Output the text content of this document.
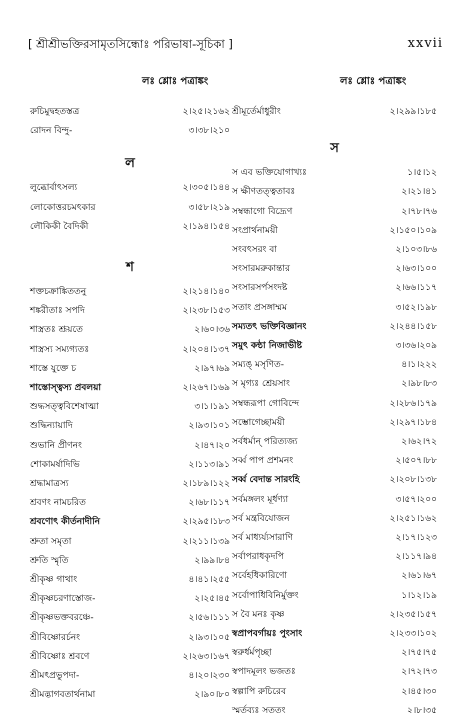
[ শ্রীশ্রীভক্তিরসামৃতসিন্ধোঃ পরিভাষা-সূচিকা ]	xxvii
লঃ শ্লোঃ পত্রাঙ্কং	লঃ শ্লোঃ পত্রাঙ্কং
রুচিমুদ্বহতস্তত্র	২।২৫।২১৬২
রোদন বিন্দু-	৩।৩৮।২১০
ল
লুব্ধোর্বাৎসল্য	২।৩০৫।১৪৪
লোকোত্তরচমৎকার	৩।৫৮।২১৯
লৌকিকী বৈদিকী	২।১৯৪।১৫৪
শ
শক্তচক্রাঙ্কিততনু	২।২১৪।১৪০
শঙ্করীতাঃ সপদি	২।২৩৮।১৫৩
শাস্ত্রতঃ শ্রূয়তে	২।৬০।৩৬
শাস্ত্রস্য সম্যগ্যতঃ	২।২০৪।১৩৭
শাস্তে যুক্তে চ	২।৯৭।৬৯
শাস্তোস্ত্বস্য প্রবলয়া	২।২৬৭।১৬৯
শুদ্ধসত্ত্ববিশেষাত্মা	৩।১।১৯১
শুদ্ধিন্যায়াদি	২।৯৩।১০১
শুভানি প্রীণনং	২।৪৭।২০
শোকামর্ষাদিভি	২।১১৩।৯১
শ্রদ্ধামাত্রস্য	২।১৮৯।১২২
শ্রবণং নামচরিত	২।৬৮।১১৭
শ্রবণোৎ কীর্তনাদীনি	২।২৯৫।১৮৩
শ্রুতা সমৃতা	২।২১১।১৩৯
শ্রুতি স্মৃতি	২।৯৯।৮৪
শ্রীকৃষ্ণ গাথাং	৪।৪১।২৫৫
শ্রীকৃষ্ণচরণাস্তোজ-	২।২৫।৪৫
শ্রীকৃষ্ণভক্তবরঞ্চে-	২।৫৬।১১১
শ্রীবিষ্ণোরর্চনং	২।৯৩।১০৫
শ্রীবিষ্ণোঃ শ্রবণে	২।২৬৩।১৬৭
শ্রীমৎপ্রভুপদা-	৪।২০।২৩০
শ্রীমদ্ভাগবতার্থনামা	২।৯০।৮০
শ্রীমূর্তের্মাধুরীং	২।২৯৯।১৮৫
স
স এব ভক্তিযোগাখ্যঃ	১।৫।১২
স ক্ষীণতত্ত্বতাবঃ	২।২১।৪১
সম্বন্ধাগো বিদ্রূেণ	২।৭৮।৭৬
সংপ্রার্থনাময়ী	২।১৫০।১০৯
সংবৎসরং বা	২।১০৩।৮৬
সংসারমরুকান্তার	২।৬৩।১০০
সংসারসর্পসংদষ্ট	২।৬৬।১১৭
সতাং প্রসঙ্গাম্মম	৩।৫২।১৯৮
সম্যতৎ ভক্তিবিজ্ঞানং	২।২৪৪।১৫৮
সমুৎ কন্ঠা নিজাভীষ্ট	৩।৩৬।২০৯
সম্যঙ্ মসৃণিত-	৪।১।২২২
স মৃগ্যঃ শ্রেয়সাং	২।৯৮।৮৩
সম্বন্ধরূপা গোবিন্দে	২।২৮৬।১৭৯
সম্ভোগেচ্ছাময়ী	২।২৯৭।১৮৪
সর্বধর্মান্ পরিত্যজ্য	২।৬২।৭২
সর্ব্ব পাপ প্রশমনং	২।৫০৭।৮৮
সর্ব্ব বেদান্ত সারংহি	২।২০৮।১৩৮
সর্বমঙ্গলং মূর্ধণ্যা	৩।৫৭।২০০
সর্ব মন্ত্রবিযোজন	২।২৫১।১৬২
সর্ব মাধ্যর্য্যসারাণি	২।১৭।১২৩
সর্বাপরাধকৃদপি	২।১১৭।৯৪
সর্বেহধিকারিণো	২।৬১।৬৭
সর্বোপাধিবিনির্মুক্তং	১।১২।১৯
স বৈ মনঃ কৃষ্ণ	২।২৩৫।১৫৭
স্বপ্রাপবর্গায়ঃ পুংসাং	২।২৩৩।১০২
স্বরুর্ধর্মপৃচ্ছা	২।৭৫।৭৫
স্বপাদমূলং ভজতঃ	২।৭২।৭৩
স্বল্পাপি রুচিরেব	২।৪৫।৩০
স্মর্তব্যঃ সততং	২।৮।৩৫
